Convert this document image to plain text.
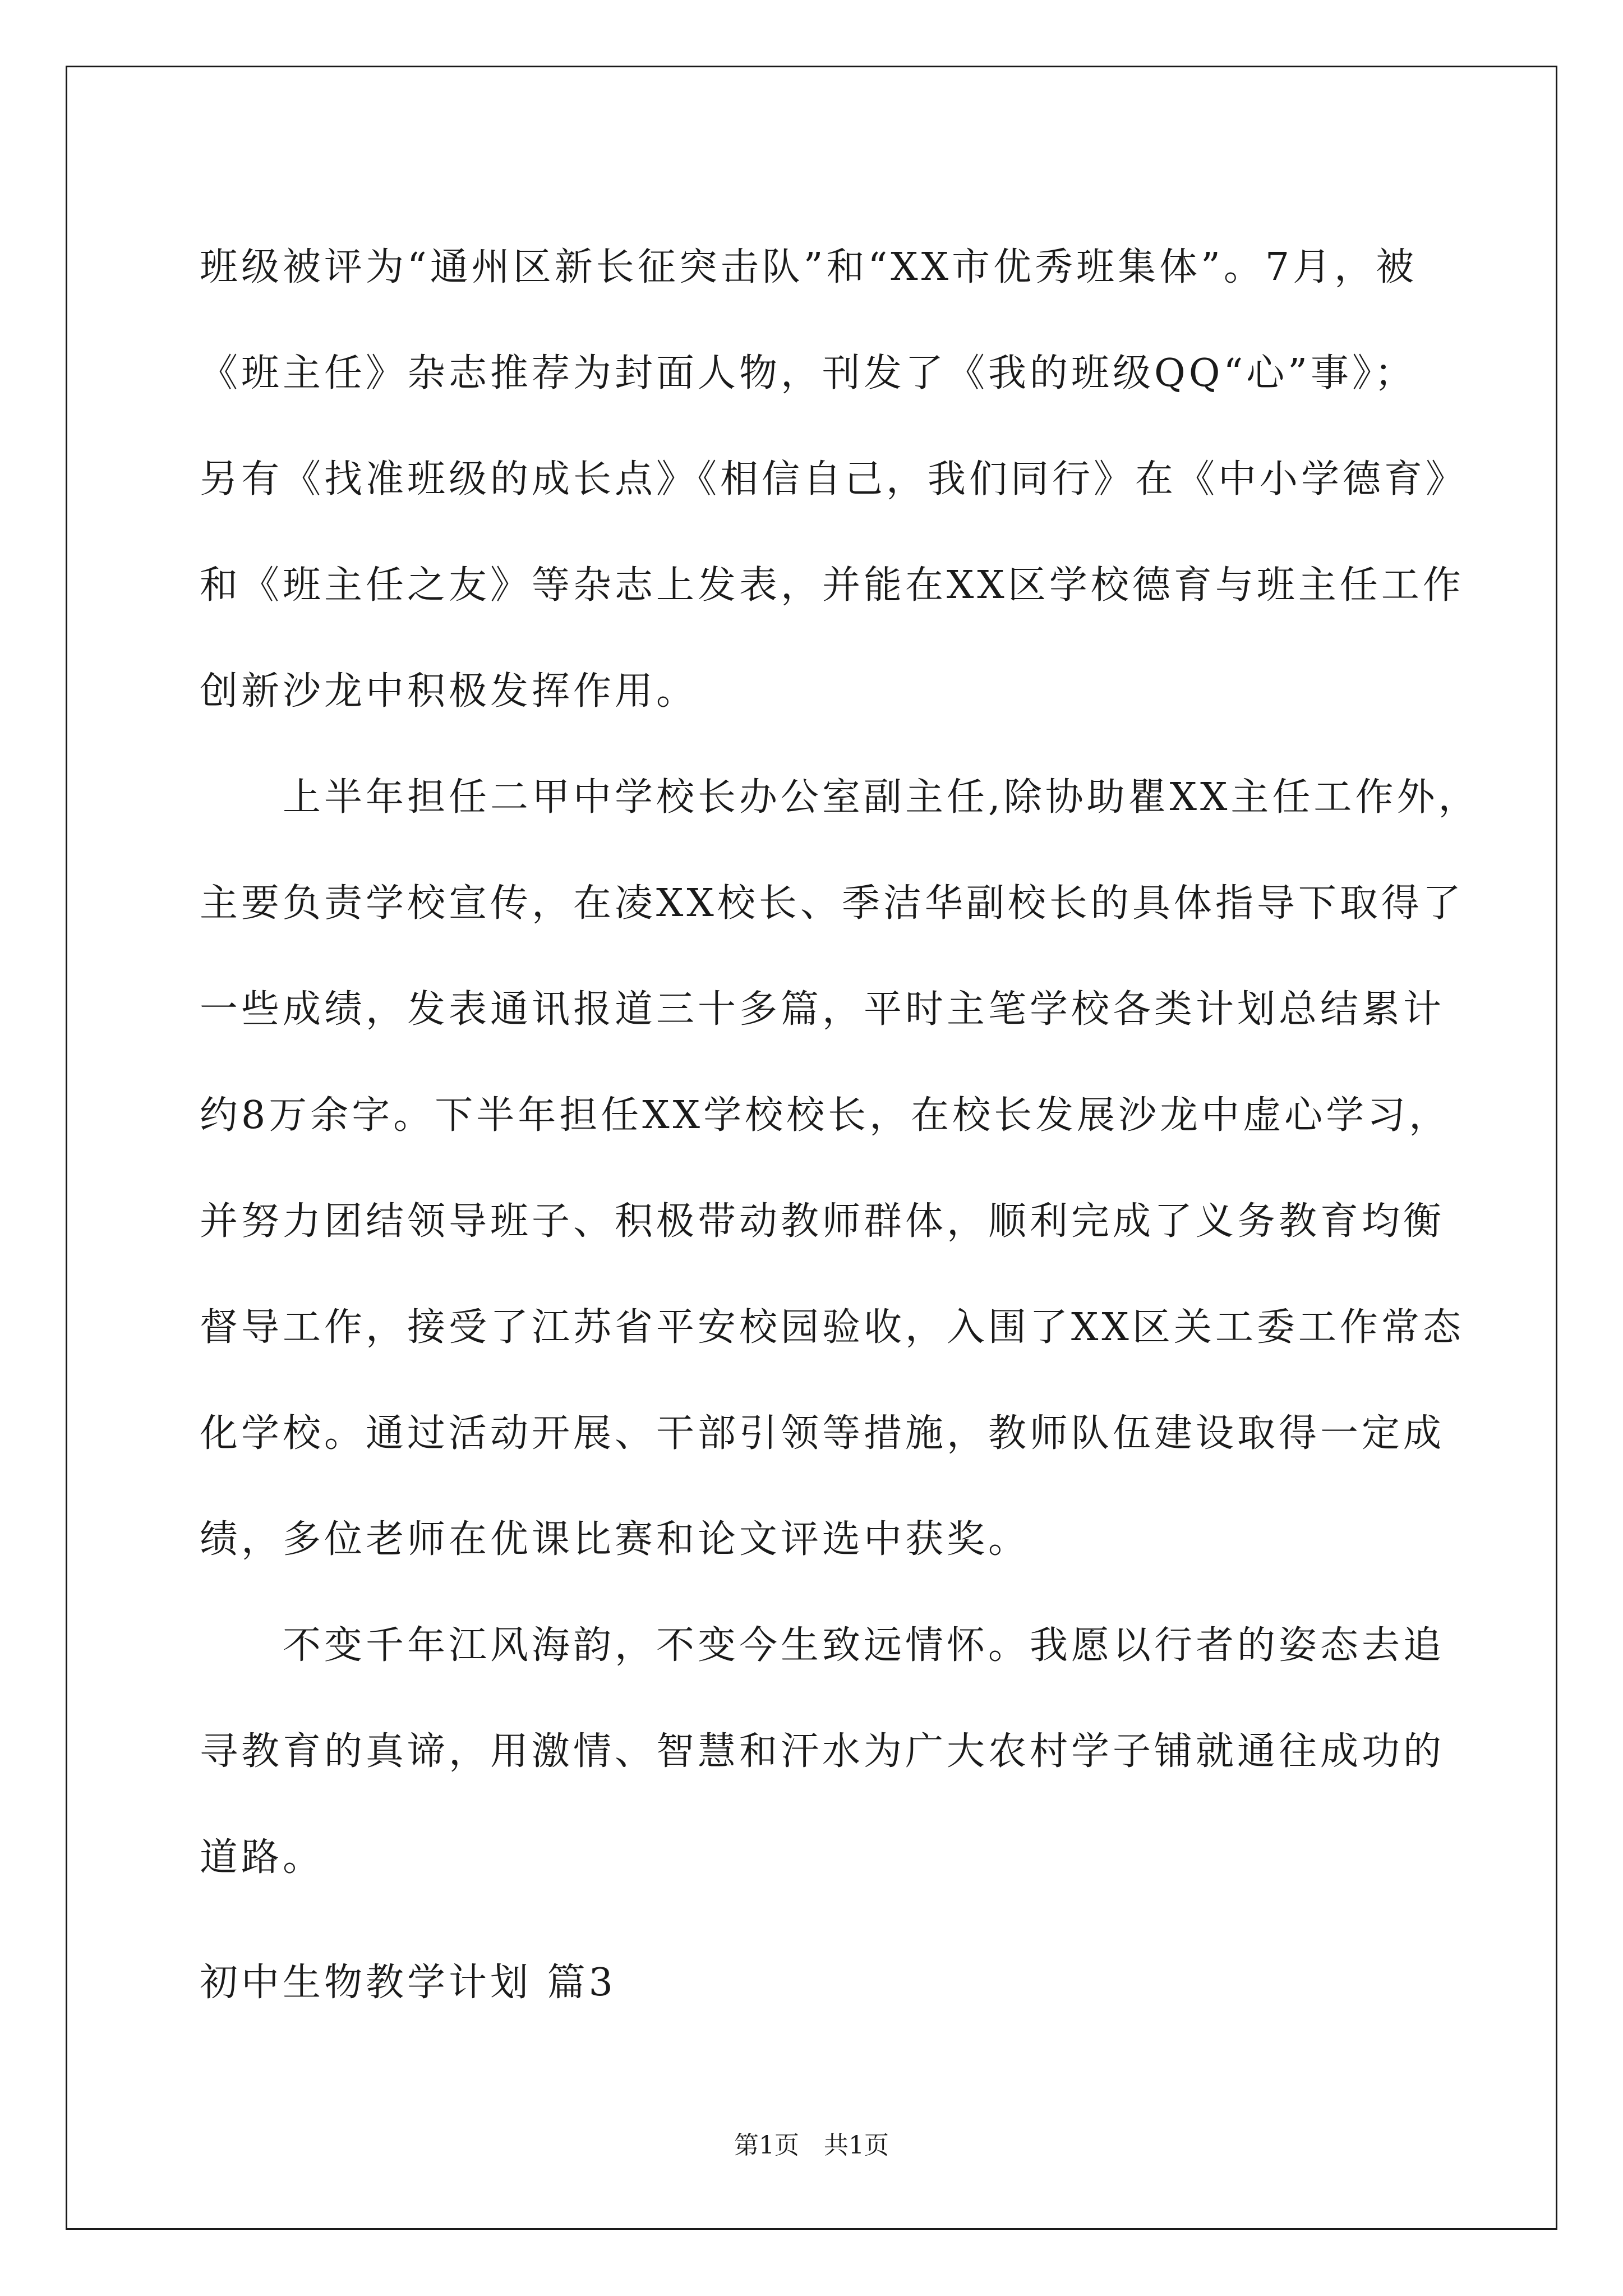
班级被评为“通州区新长征突击队”和“XX市优秀班集体”。7月，被
《班主任》杂志推荐为封面人物，刊发了《我的班级QQ“心”事》；
另有《找准班级的成长点》《相信自己，我们同行》在《中小学德育》
和《班主任之友》等杂志上发表，并能在XX区学校德育与班主任工作
创新沙龙中积极发挥作用。
　　上半年担任二甲中学校长办公室副主任,除协助瞿XX主任工作外，
主要负责学校宣传，在凌XX校长、季洁华副校长的具体指导下取得了
一些成绩，发表通讯报道三十多篇，平时主笔学校各类计划总结累计
约8万余字。下半年担任XX学校校长，在校长发展沙龙中虚心学习，
并努力团结领导班子、积极带动教师群体，顺利完成了义务教育均衡
督导工作，接受了江苏省平安校园验收，入围了XX区关工委工作常态
化学校。通过活动开展、干部引领等措施，教师队伍建设取得一定成
绩，多位老师在优课比赛和论文评选中获奖。
　　不变千年江风海韵，不变今生致远情怀。我愿以行者的姿态去追
寻教育的真谛，用激情、智慧和汗水为广大农村学子铺就通往成功的
道路。
初中生物教学计划 篇3
第1页　共1页
